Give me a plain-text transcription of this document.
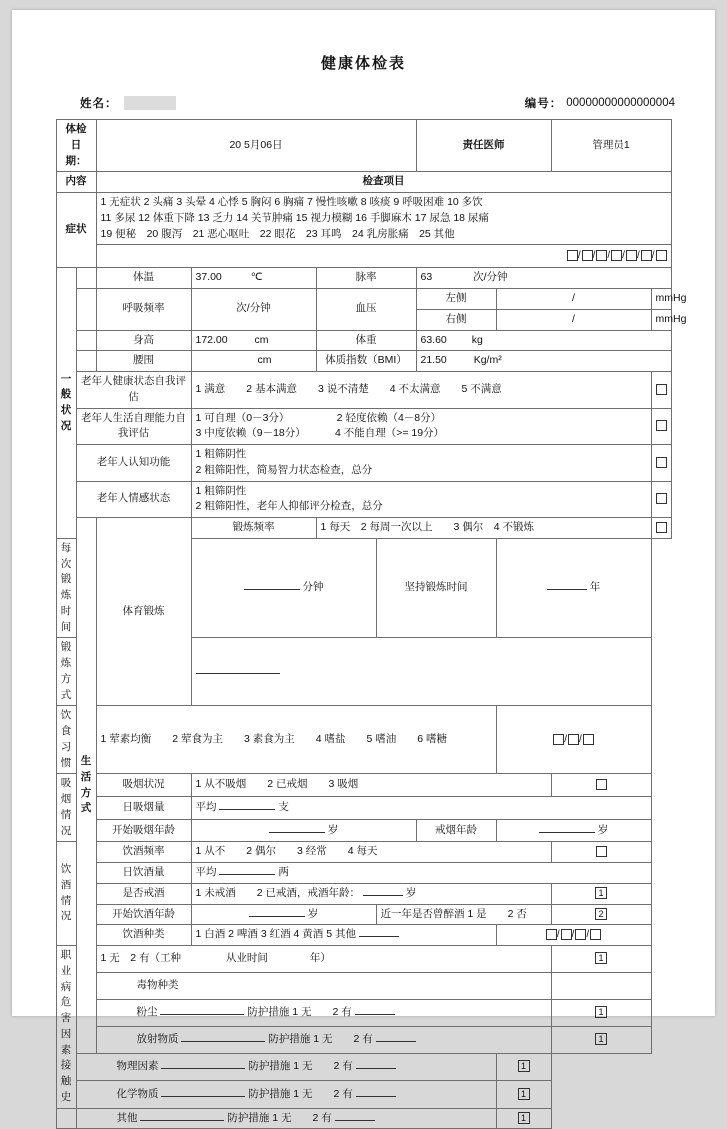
健康体检表
姓名：	编号： 00000000000000004
体检日期：		20 5月06日				责任医师		管理员1	
内容		检查项目							

症状		1 无症状 2 头痛 3 头晕 4 心悸 5 胸闷 6 胸痛 7 慢性咳嗽 8 咳痰 9 呼吸困难 10 多饮
11 多尿 12 体重下降 13 乏力 14 关节肿痛 15 视力模糊 16 手脚麻木 17 尿急 18 尿痛
19 便秘　20 腹泻　21 恶心呕吐　22 眼花　23 耳鸣　24 乳房胀痛　25 其他							

		/ / / / / /							

一
般
状
况		体温	37.00 ℃	脉率		63 次/分钟			
		呼吸频率	次/分钟	血压		左侧	/		mmHg
						右侧	/		mmHg
		身高	172.00 cm	体重		63.60 kg			
		腰围	cm	体质指数（BMI）		21.50 Kg/m²			
	老年人健康状态自我评估		1 满意　　2 基本满意　　3 说不清楚　　4 不太满意　　5 不满意						
	老年人生活自理能力自我评估		1 可自理（0－3分）　　　　　2 轻度依赖（4－8分）
3 中度依赖（9－18分）　　　 4 不能自理（>= 19分）						

	老年人认知功能		1 粗筛阴性
2 粗筛阳性，简易智力状态检查，总分						

	老年人情感状态		1 粗筛阴性
2 粗筛阳性，老年人抑郁评分检查，总分						

	生
活
方
式	体育锻炼	锻炼频率	1 每天　2 每周一次以上　　3 偶尔　4 不锻炼					
每次锻炼时间			分钟		坚持锻炼时间		年		
锻炼方式									
饮食习惯		1 荤素均衡　　2 荤食为主　　3 素食为主　　4 嗜盐　　5 嗜油　　6 嗜糖					/ /		
吸烟情况		吸烟状况	1 从不吸烟　　2 已戒烟　　3 吸烟						
		日吸烟量	平均 支						
		开始吸烟年龄	岁			戒烟年龄	岁		
饮酒情况		饮酒频率	1 从不　　2 偶尔　　3 经常　　4 每天						
		日饮酒量	平均 两						
		是否戒酒	1 未戒酒　　2 已戒酒，戒酒年龄： 岁					1	
		开始饮酒年龄	岁		近一年是否曾醉酒 1 是　　2 否			2	
		饮酒种类	1 白酒 2 啤酒 3 红酒 4 黄酒 5 其他				/ / /		
职业病危害因素接触史		1 无　2 有（工种　　　　 从业时间　　　　年）						1	
		毒物种类							
		粉尘 防护措施 1 无　　2 有						1	
		放射物质 防护措施 1 无　　2 有						1	
	物理因素 防护措施 1 无　　2 有						1		
	化学物质 防护措施 1 无　　2 有						1		
	其他 防护措施 1 无　　2 有						1		
